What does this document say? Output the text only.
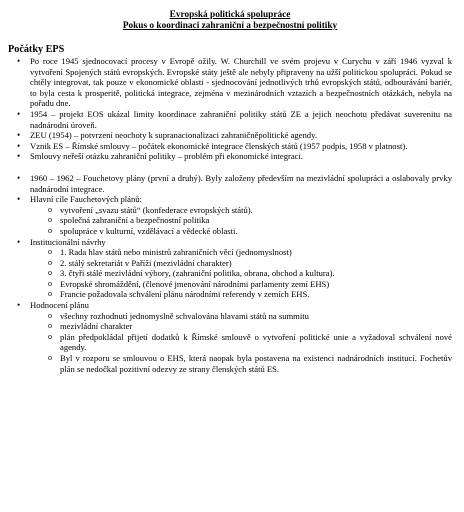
Evropská politická spolupráce
Pokus o koordinaci zahraniční a bezpečnostní politiky
Počátky EPS
• Po roce 1945 sjednocovací procesy v Evropě ožily. W. Churchill ve svém projevu v Curychu v září 1946 vyzval k vytvoření Spojených států evropských. Evropské státy ještě ale nebyly připraveny na užší politickou spolupráci. Pokud se chtěly integrovat, tak pouze v ekonomické oblasti - sjednocování jednotlivých trhů evropských států, odbourávání bariér, to byla cesta k prosperitě, politická integrace, zejména v mezinárodních vztazích a bezpečnostních otázkách, nebyla na pořadu dne.
• 1954 – projekt EOS ukázal limity koordinace zahraniční politiky států ZE a jejich neochotu předávat suverenitu na nadnárodní úroveň.
• ZEU (1954) – potvrzení neochoty k supranacionalizaci zahraničněpolitické agendy.
• Vznik ES – Římské smlouvy – počátek ekonomické integrace členských států (1957 podpis, 1958 v platnost).
• Smlouvy neřeší otázku zahraniční politiky – problém při ekonomické integraci.
• 1960 – 1962 – Fouchetovy plány (první a druhý). Byly založeny především na mezivládní spolupráci a oslabovaly prvky nadnárodní integrace.
• Hlavní cíle Fauchetových plánů:
o vytvoření „svazu států“ (konfederace evropských států).
o společná zahraniční a bezpečnostní politika
o spolupráce v kulturní, vzdělávací a vědecké oblasti.
• Institucionální návrhy
o 1. Rada hlav států nebo ministrů zahraničních věcí (jednomyslnost)
o 2. stálý sekretariát v Paříži (mezivládní charakter)
o 3. čtyři stálé mezivládní výbory, (zahraniční politika, obrana, obchod a kultura).
o Evropské shromáždění, (členové jmenování národními parlamenty zemí EHS)
o Francie požadovala schválení plánu národními referendy v zemích EHS.
• Hodnocení plánu
o všechny rozhodnutí jednomyslně schvalována hlavami států na summitu
o mezivládní charakter
o plán předpokládal přijetí dodatků k Římské smlouvě o vytvoření politické unie a vyžadoval schválení nové agendy.
o Byl v rozporu se smlouvou o EHS, která naopak byla postavena na existenci nadnárodních institucí. Fochetův plán se nedočkal pozitivní odezvy ze strany členských států ES.
